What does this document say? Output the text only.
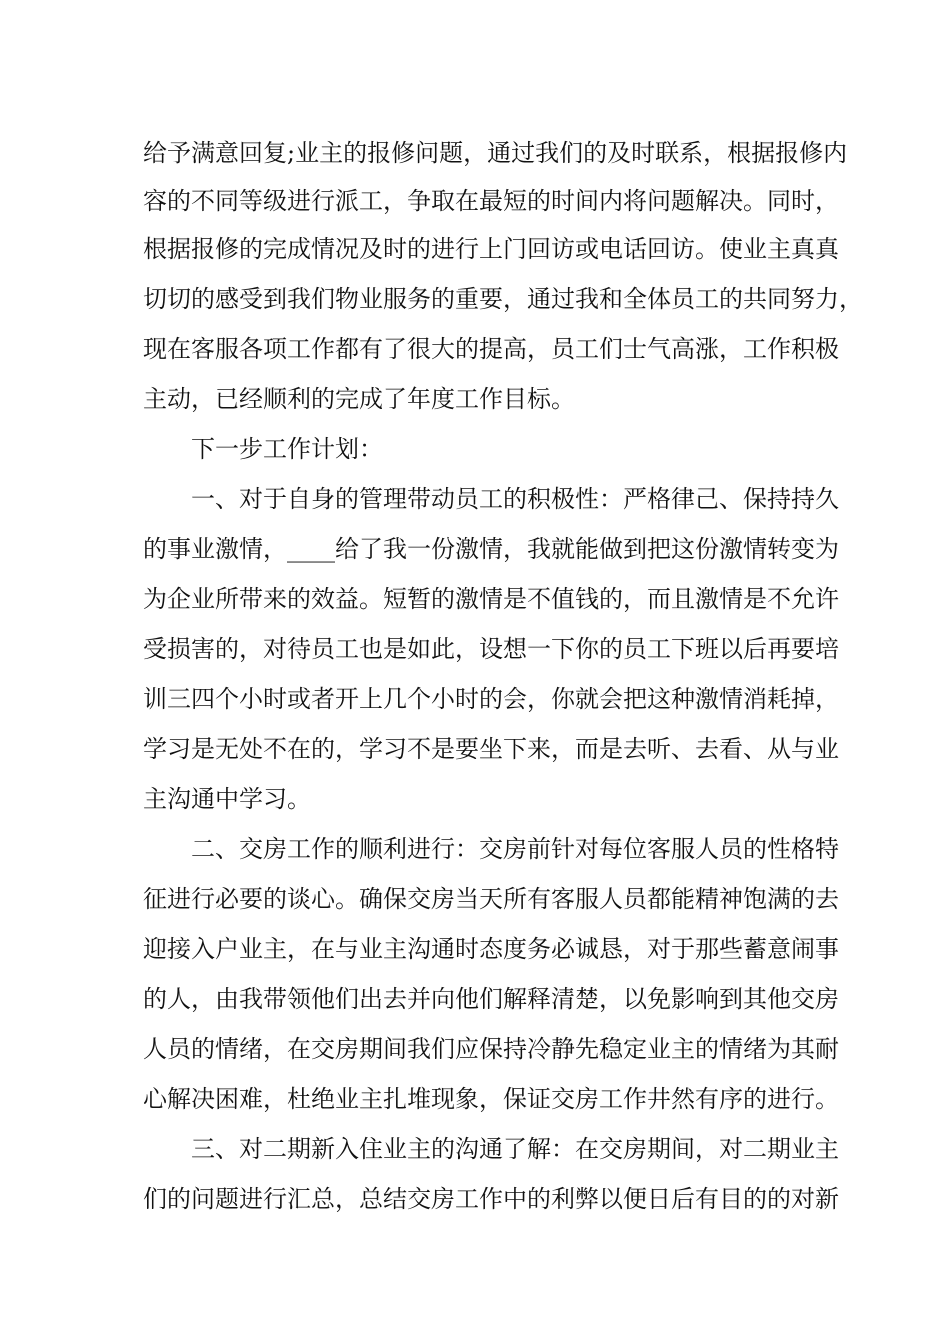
给予满意回复;业主的报修问题，通过我们的及时联系，根据报修内

容的不同等级进行派工，争取在最短的时间内将问题解决。同时，

根据报修的完成情况及时的进行上门回访或电话回访。使业主真真

切切的感受到我们物业服务的重要，通过我和全体员工的共同努力，

现在客服各项工作都有了很大的提高，员工们士气高涨，工作积极

主动，已经顺利的完成了年度工作目标。

下一步工作计划：

一、对于自身的管理带动员工的积极性：严格律己、保持持久

的事业激情，____给了我一份激情，我就能做到把这份激情转变为

为企业所带来的效益。短暂的激情是不值钱的，而且激情是不允许

受损害的，对待员工也是如此，设想一下你的员工下班以后再要培

训三四个小时或者开上几个小时的会，你就会把这种激情消耗掉，

学习是无处不在的，学习不是要坐下来，而是去听、去看、从与业

主沟通中学习。

二、交房工作的顺利进行：交房前针对每位客服人员的性格特

征进行必要的谈心。确保交房当天所有客服人员都能精神饱满的去

迎接入户业主，在与业主沟通时态度务必诚恳，对于那些蓄意闹事

的人，由我带领他们出去并向他们解释清楚，以免影响到其他交房

人员的情绪，在交房期间我们应保持冷静先稳定业主的情绪为其耐

心解决困难，杜绝业主扎堆现象，保证交房工作井然有序的进行。

三、对二期新入住业主的沟通了解：在交房期间，对二期业主

们的问题进行汇总，总结交房工作中的利弊以便日后有目的的对新
